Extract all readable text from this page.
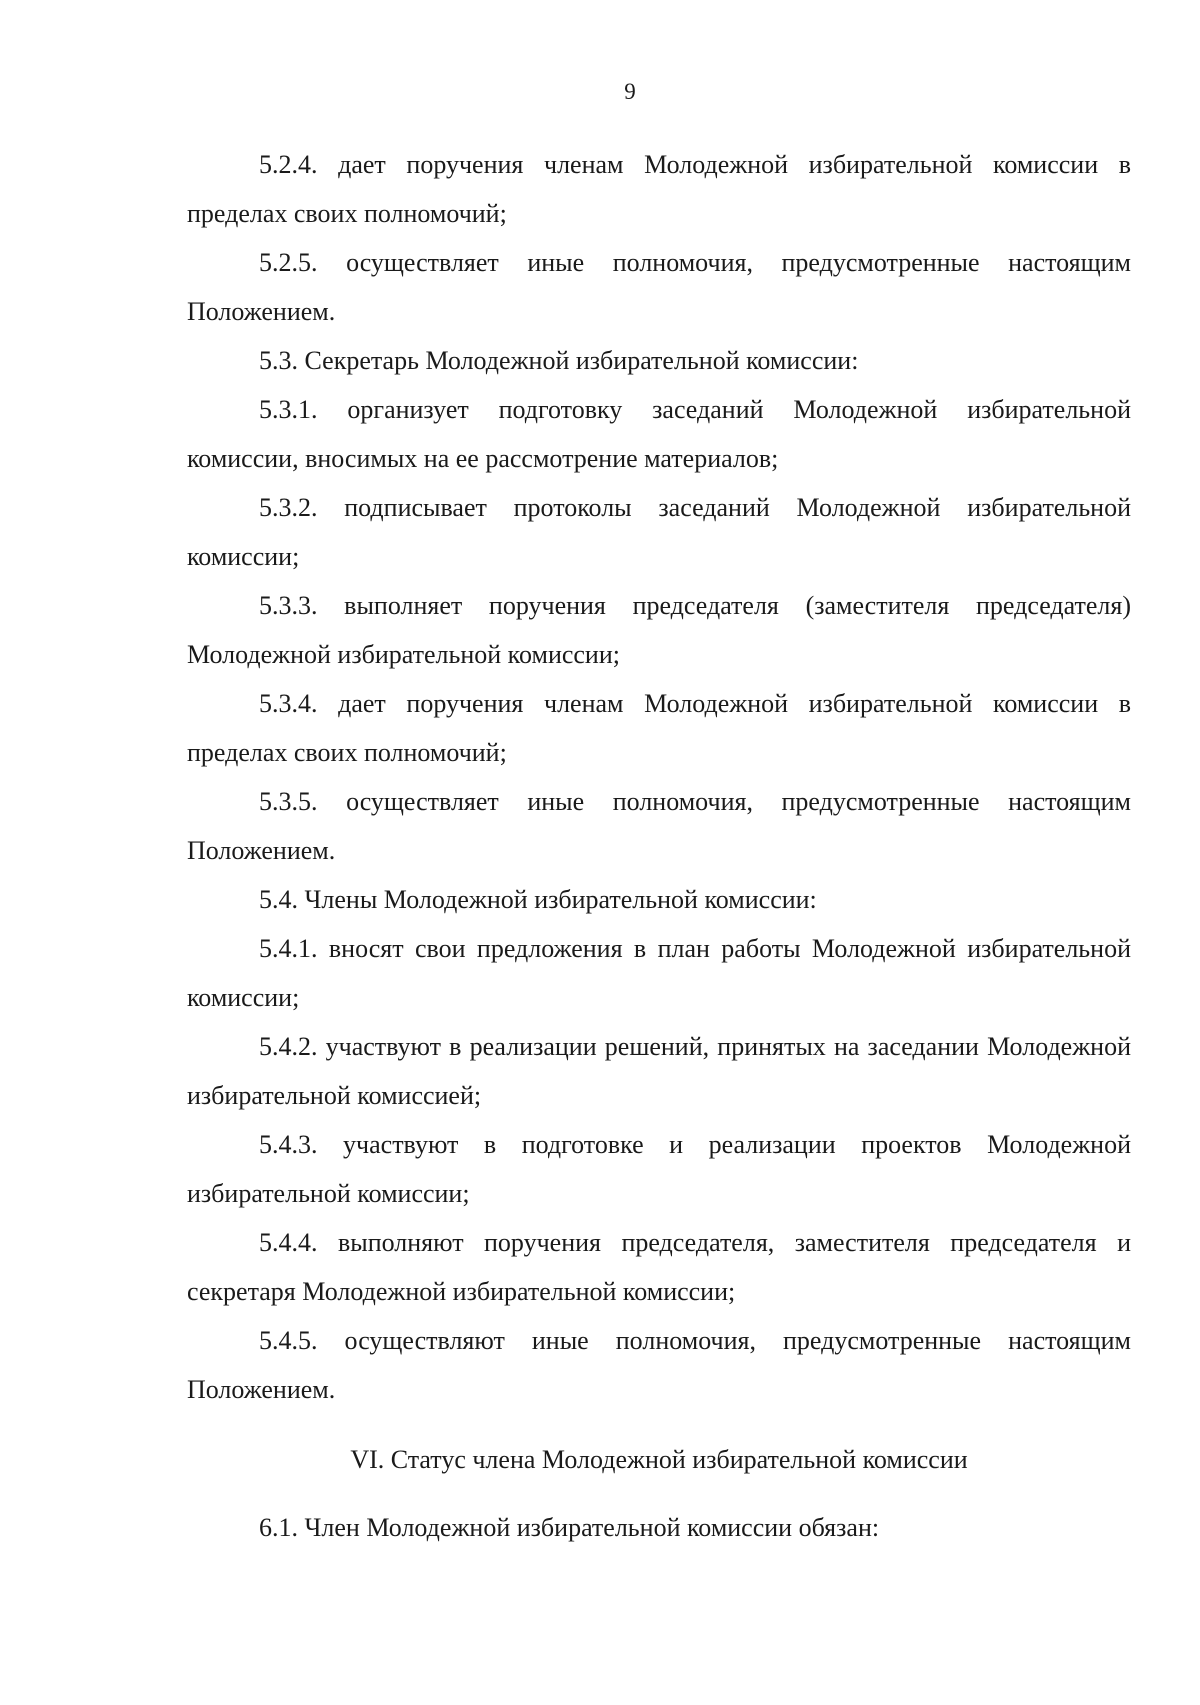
9

5.2.4. дает поручения членам Молодежной избирательной комиссии в пределах своих полномочий;

5.2.5. осуществляет иные полномочия, предусмотренные настоящим Положением.

5.3. Секретарь Молодежной избирательной комиссии:

5.3.1. организует подготовку заседаний Молодежной избирательной комиссии, вносимых на ее рассмотрение материалов;

5.3.2. подписывает протоколы заседаний Молодежной избирательной комиссии;

5.3.3. выполняет поручения председателя (заместителя председателя) Молодежной избирательной комиссии;

5.3.4. дает поручения членам Молодежной избирательной комиссии в пределах своих полномочий;

5.3.5. осуществляет иные полномочия, предусмотренные настоящим Положением.

5.4. Члены Молодежной избирательной комиссии:

5.4.1. вносят свои предложения в план работы Молодежной избирательной комиссии;

5.4.2. участвуют в реализации решений, принятых на заседании Молодежной избирательной комиссией;

5.4.3. участвуют в подготовке и реализации проектов Молодежной избирательной комиссии;

5.4.4. выполняют поручения председателя, заместителя председателя и секретаря Молодежной избирательной комиссии;

5.4.5. осуществляют иные полномочия, предусмотренные настоящим Положением.

VI. Статус члена Молодежной избирательной комиссии

6.1. Член Молодежной избирательной комиссии обязан:
